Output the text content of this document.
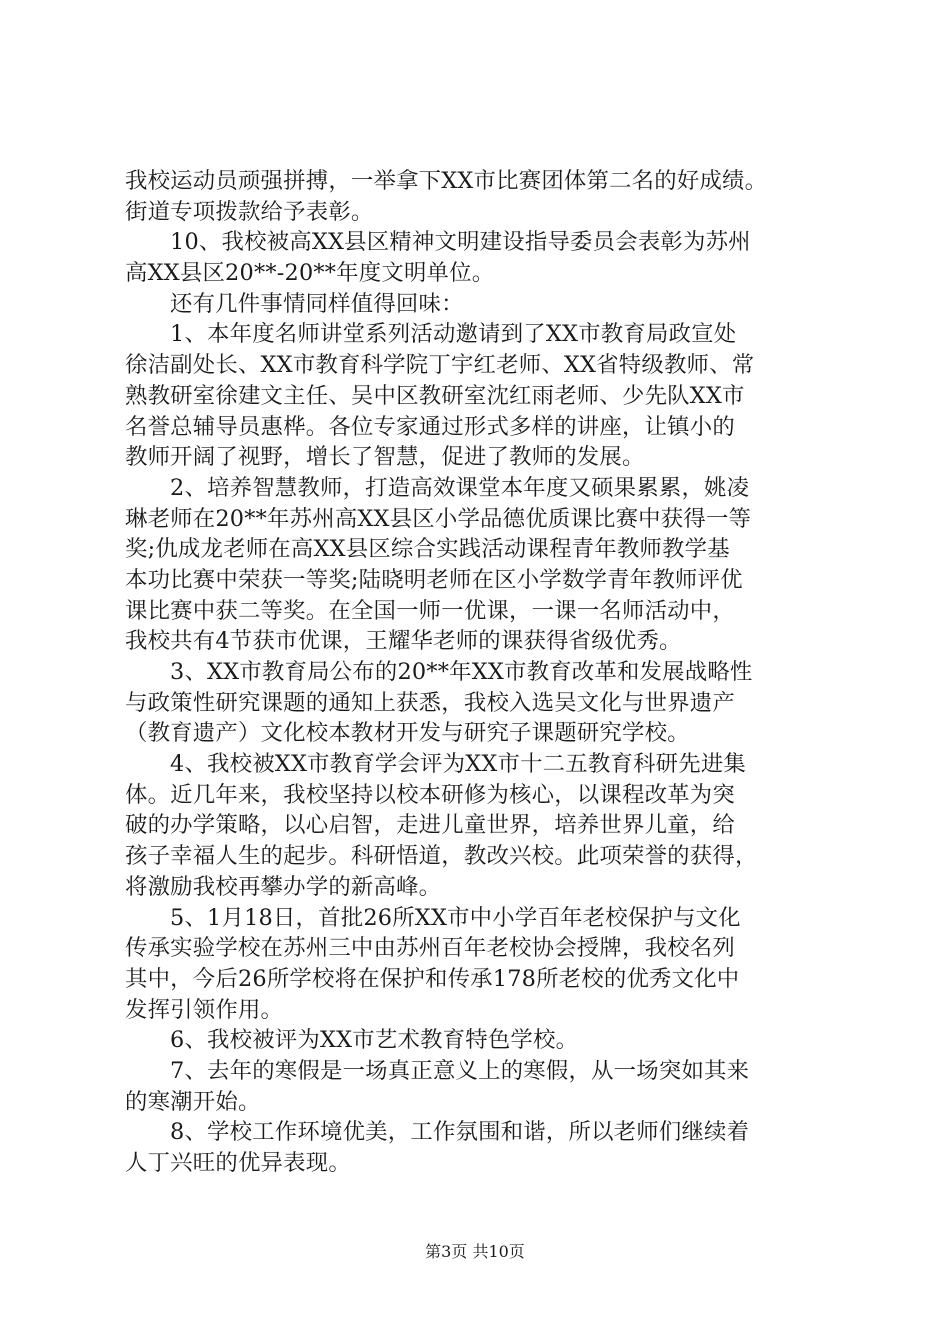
我校运动员顽强拼搏，一举拿下XX市比赛团体第二名的好成绩。
街道专项拨款给予表彰。
10、我校被高XX县区精神文明建设指导委员会表彰为苏州
高XX县区20**-20**年度文明单位。
还有几件事情同样值得回味：
1、本年度名师讲堂系列活动邀请到了XX市教育局政宣处
徐洁副处长、XX市教育科学院丁宇红老师、XX省特级教师、常
熟教研室徐建文主任、吴中区教研室沈红雨老师、少先队XX市
名誉总辅导员惠桦。各位专家通过形式多样的讲座，让镇小的
教师开阔了视野，增长了智慧，促进了教师的发展。
2、培养智慧教师，打造高效课堂本年度又硕果累累，姚凌
琳老师在20**年苏州高XX县区小学品德优质课比赛中获得一等
奖;仇成龙老师在高XX县区综合实践活动课程青年教师教学基
本功比赛中荣获一等奖;陆晓明老师在区小学数学青年教师评优
课比赛中获二等奖。在全国一师一优课，一课一名师活动中，
我校共有4节获市优课，王耀华老师的课获得省级优秀。
3、XX市教育局公布的20**年XX市教育改革和发展战略性
与政策性研究课题的通知上获悉，我校入选吴文化与世界遗产
（教育遗产）文化校本教材开发与研究子课题研究学校。
4、我校被XX市教育学会评为XX市十二五教育科研先进集
体。近几年来，我校坚持以校本研修为核心，以课程改革为突
破的办学策略，以心启智，走进儿童世界，培养世界儿童，给
孩子幸福人生的起步。科研悟道，教改兴校。此项荣誉的获得，
将激励我校再攀办学的新高峰。
5、1月18日，首批26所XX市中小学百年老校保护与文化
传承实验学校在苏州三中由苏州百年老校协会授牌，我校名列
其中，今后26所学校将在保护和传承178所老校的优秀文化中
发挥引领作用。
6、我校被评为XX市艺术教育特色学校。
7、去年的寒假是一场真正意义上的寒假，从一场突如其来
的寒潮开始。
8、学校工作环境优美，工作氛围和谐，所以老师们继续着
人丁兴旺的优异表现。
第3页 共10页
